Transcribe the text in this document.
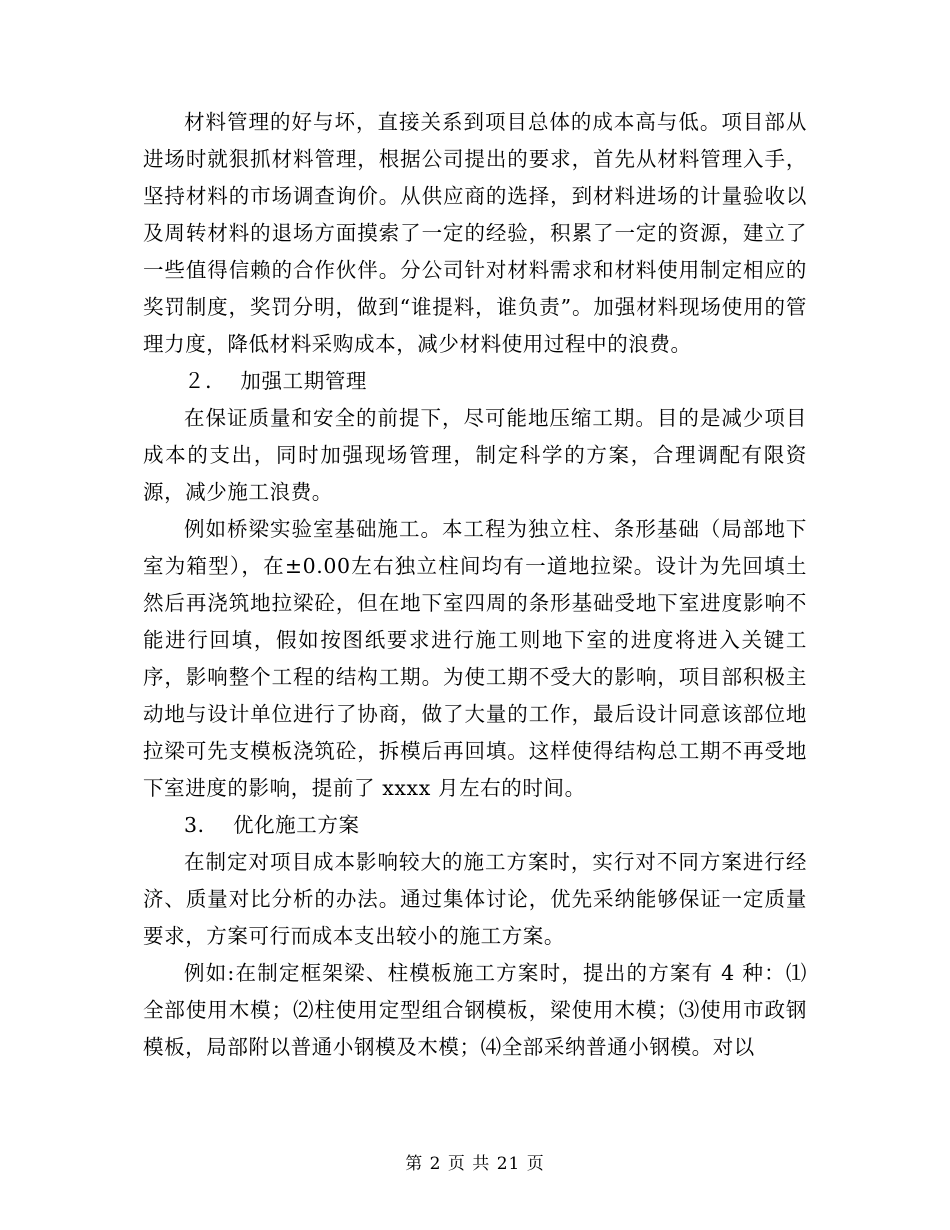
材料管理的好与坏，直接关系到项目总体的成本高与低。项目部从进场时就狠抓材料管理，根据公司提出的要求，首先从材料管理入手，坚持材料的市场调查询价。从供应商的选择，到材料进场的计量验收以及周转材料的退场方面摸索了一定的经验，积累了一定的资源，建立了一些值得信赖的合作伙伴。分公司针对材料需求和材料使用制定相应的奖罚制度，奖罚分明，做到“谁提料，谁负责”。加强材料现场使用的管理力度，降低材料采购成本，减少材料使用过程中的浪费。

２．  加强工期管理

在保证质量和安全的前提下，尽可能地压缩工期。目的是减少项目成本的支出，同时加强现场管理，制定科学的方案，合理调配有限资源，减少施工浪费。

例如桥梁实验室基础施工。本工程为独立柱、条形基础（局部地下室为箱型），在±0.00左右独立柱间均有一道地拉梁。设计为先回填土然后再浇筑地拉梁砼，但在地下室四周的条形基础受地下室进度影响不能进行回填，假如按图纸要求进行施工则地下室的进度将进入关键工序，影响整个工程的结构工期。为使工期不受大的影响，项目部积极主动地与设计单位进行了协商，做了大量的工作，最后设计同意该部位地拉梁可先支模板浇筑砼，拆模后再回填。这样使得结构总工期不再受地下室进度的影响，提前了 xxxx 月左右的时间。

3．  优化施工方案

在制定对项目成本影响较大的施工方案时，实行对不同方案进行经济、质量对比分析的办法。通过集体讨论，优先采纳能够保证一定质量要求，方案可行而成本支出较小的施工方案。

例如:在制定框架梁、柱模板施工方案时，提出的方案有 4 种：⑴全部使用木模；⑵柱使用定型组合钢模板，梁使用木模；⑶使用市政钢模板，局部附以普通小钢模及木模；⑷全部采纳普通小钢模。对以

第 2 页 共 21 页
